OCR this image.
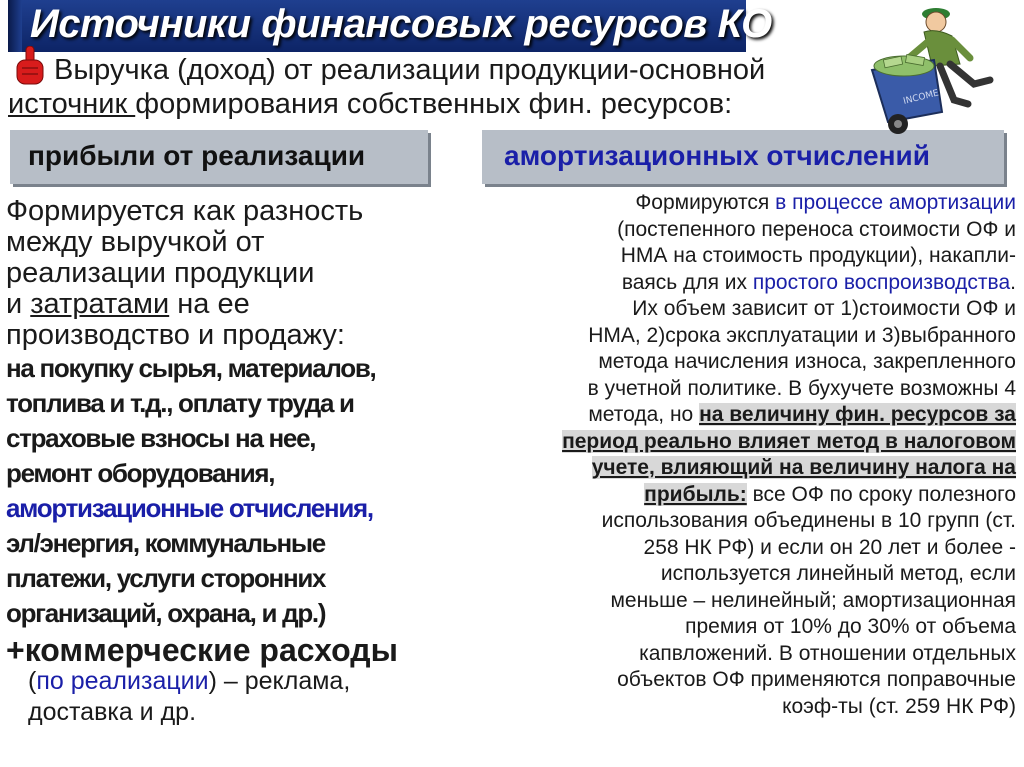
Источники финансовых ресурсов КО
Выручка (доход) от реализации продукции-основной
источник формирования собственных фин. ресурсов:
прибыли от реализации	амортизационных отчислений
Формируется как разность
между выручкой от
реализации продукции
и затратами на ее
производство и продажу:
на покупку сырья, материалов,
топлива и т.д., оплату труда и
страховые взносы на нее,
ремонт оборудования,
амортизационные отчисления,
эл/энергия, коммунальные
платежи, услуги сторонних
организаций, охрана, и др.)
+коммерческие расходы
(по реализации) – реклама,
доставка и др.
Формируются в процессе амортизации
(постепенного переноса стоимости ОФ и
НМА на стоимость продукции), накапли-
ваясь для их простого воспроизводства.
Их объем зависит от 1)стоимости ОФ и
НМА, 2)срока эксплуатации и 3)выбранного
метода начисления износа, закрепленного
в учетной политике. В бухучете возможны 4
метода, но на величину фин. ресурсов за
период реально влияет метод в налоговом
учете, влияющий на величину налога на
прибыль: все ОФ по сроку полезного
использования объединены в 10 групп (ст.
258 НК РФ) и если он 20 лет и более -
используется линейный метод, если
меньше – нелинейный; амортизационная
премия от 10% до 30% от объема
капвложений. В отношении отдельных
объектов ОФ применяются поправочные
коэф-ты (ст. 259 НК РФ)
INCOME
